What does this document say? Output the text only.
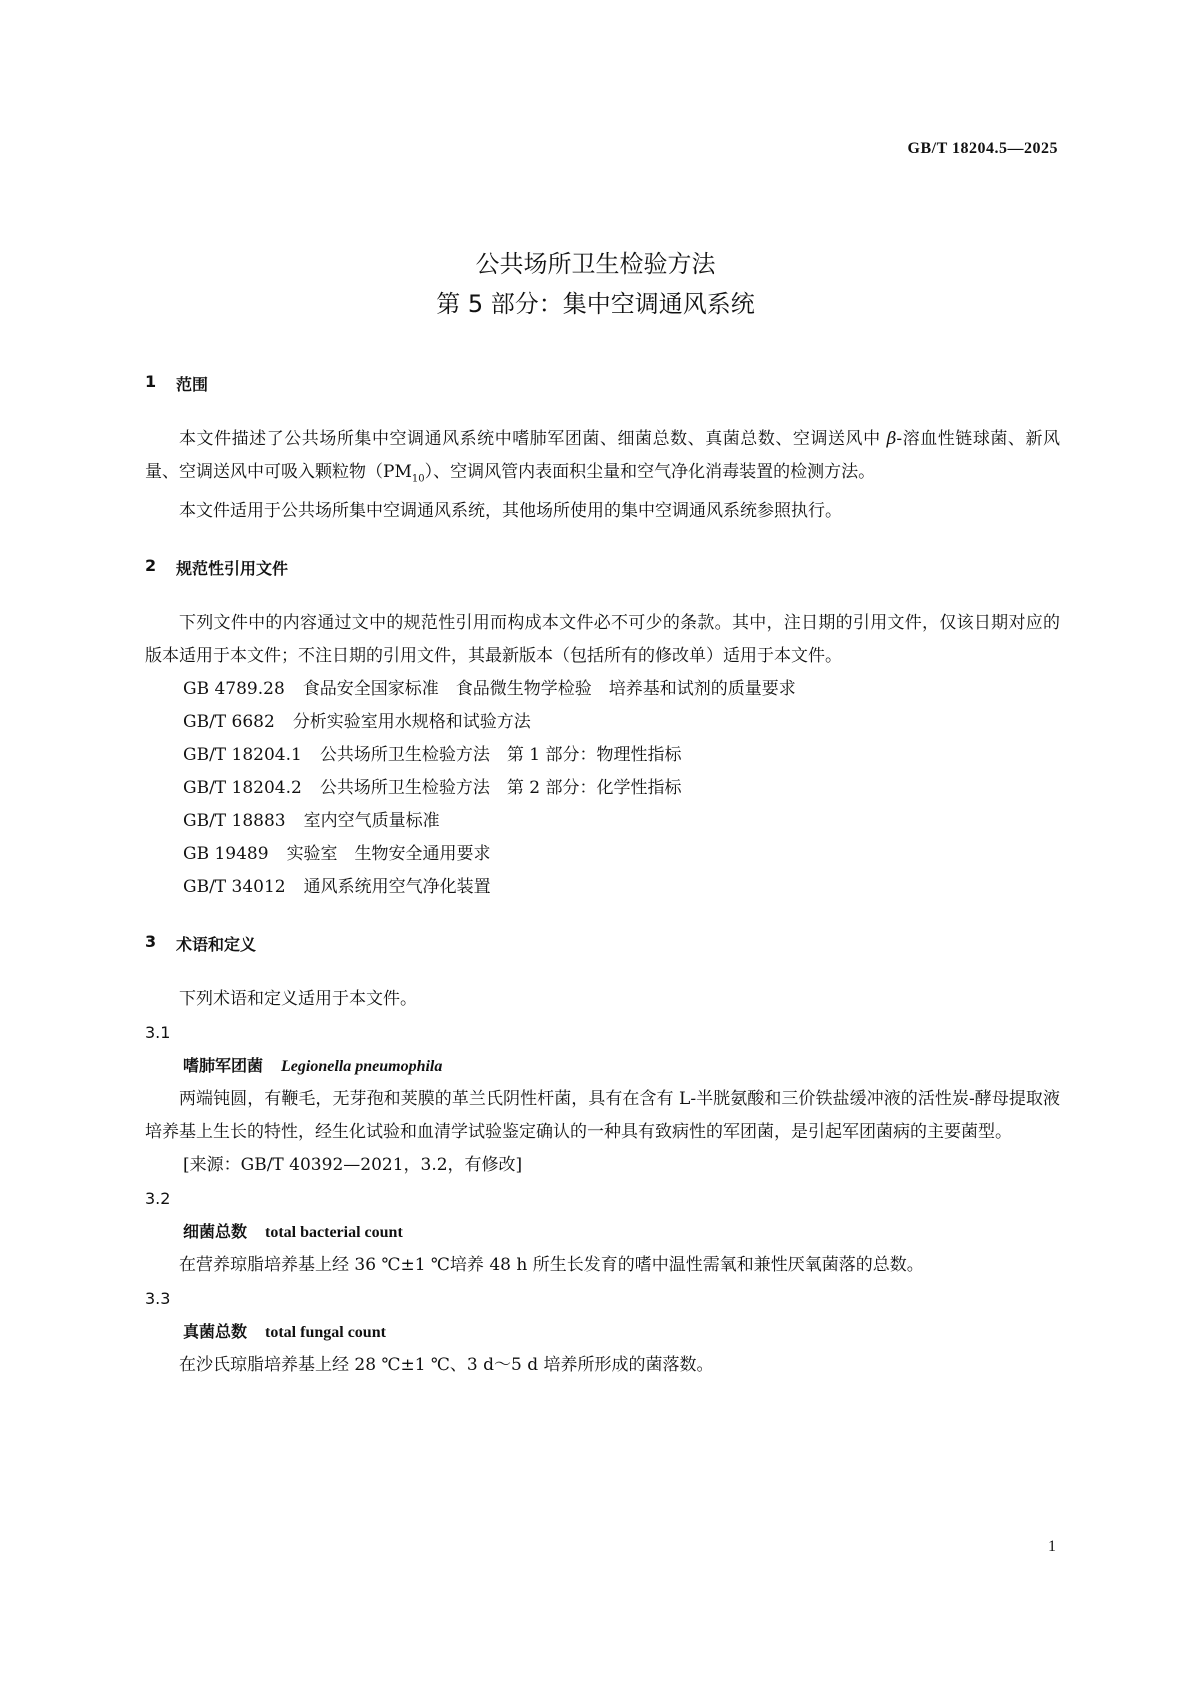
GB/T 18204.5—2025
公共场所卫生检验方法
第 5 部分：集中空调通风系统
1	范围

本文件描述了公共场所集中空调通风系统中嗜肺军团菌、细菌总数、真菌总数、空调送风中 β-溶血性链球菌、新风量、空调送风中可吸入颗粒物$(PM_{10})$、空调风管内表面积尘量和空气净化消毒装置的检测方法。

本文件适用于公共场所集中空调通风系统，其他场所使用的集中空调通风系统参照执行。

2	规范性引用文件

下列文件中的内容通过文中的规范性引用而构成本文件必不可少的条款。其中，注日期的引用文件，仅该日期对应的版本适用于本文件；不注日期的引用文件，其最新版本（包括所有的修改单）适用于本文件。

GB 4789.28 食品安全国家标准　食品微生物学检验　培养基和试剂的质量要求

GB/T 6682 分析实验室用水规格和试验方法

GB/T 18204.1 公共场所卫生检验方法　第 1 部分：物理性指标

GB/T 18204.2 公共场所卫生检验方法　第 2 部分：化学性指标

GB/T 18883 室内空气质量标准

GB 19489 实验室　生物安全通用要求

GB/T 34012 通风系统用空气净化装置

3	术语和定义

下列术语和定义适用于本文件。

3.1

嗜肺军团菌 Legionella pneumophila

两端钝圆，有鞭毛，无芽孢和荚膜的革兰氏阴性杆菌，具有在含有 L-半胱氨酸和三价铁盐缓冲液的活性炭-酵母提取液培养基上生长的特性，经生化试验和血清学试验鉴定确认的一种具有致病性的军团菌，是引起军团菌病的主要菌型。

[来源：GB/T 40392—2021，3.2，有修改]

3.2

细菌总数 total bacterial count

在营养琼脂培养基上经 36 ℃±1 ℃培养 48 h 所生长发育的嗜中温性需氧和兼性厌氧菌落的总数。

3.3

真菌总数 total fungal count

在沙氏琼脂培养基上经 28 ℃±1 ℃、3 d～5 d 培养所形成的菌落数。

1
